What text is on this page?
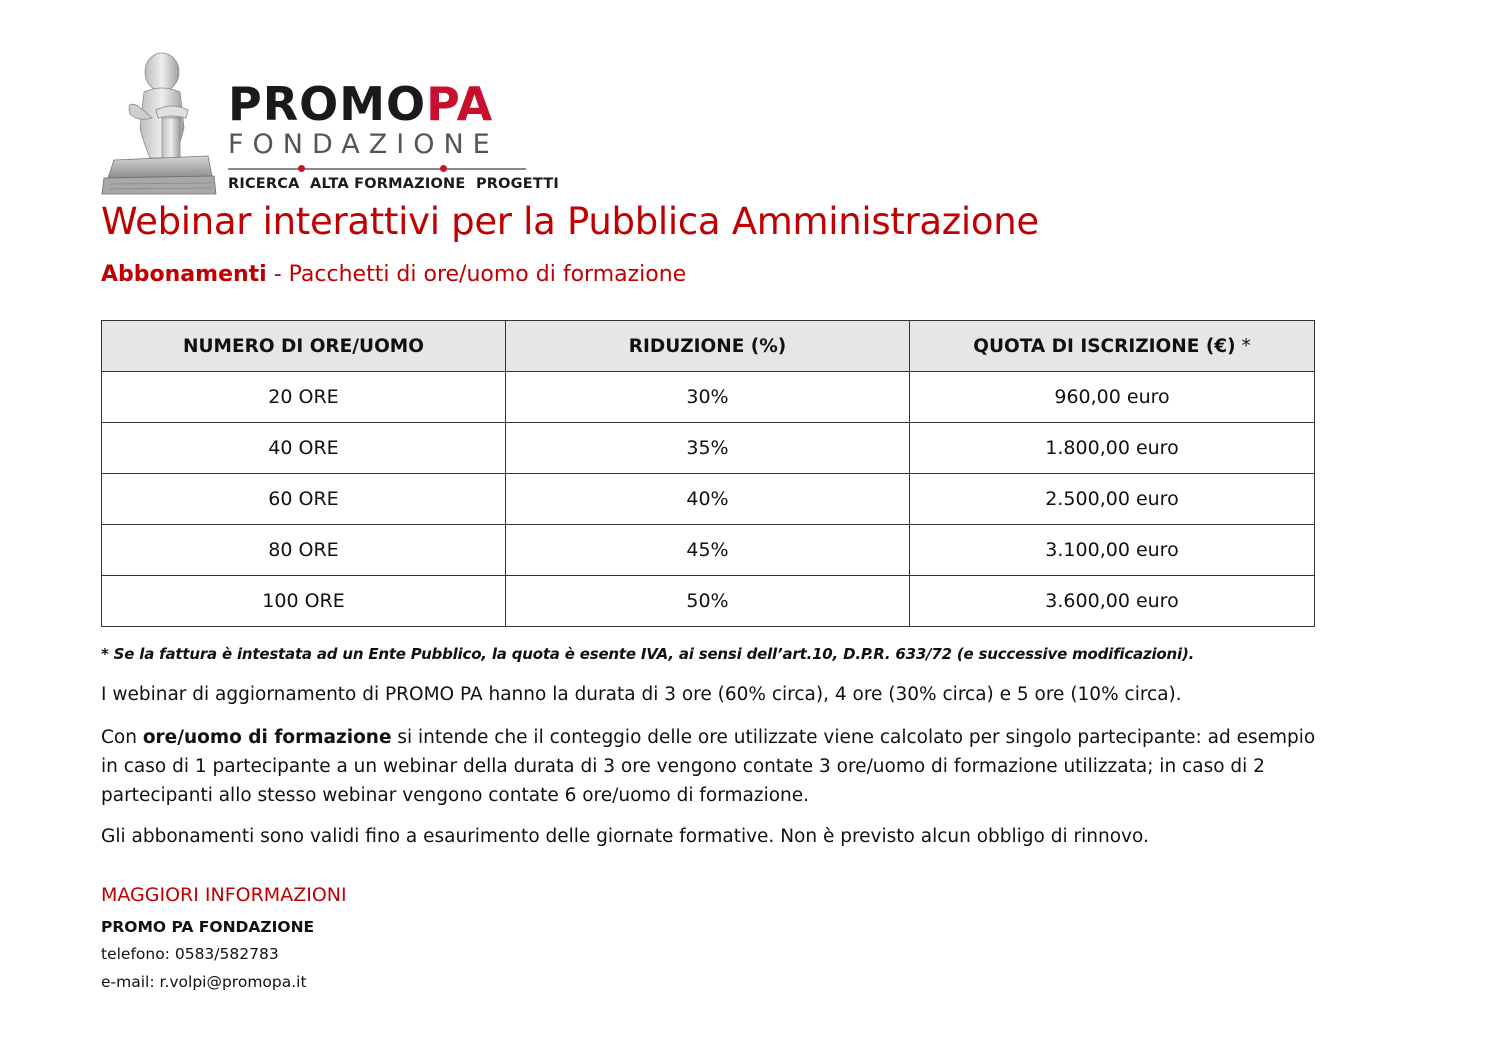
PROMOPA
FONDAZIONE
RICERCA  ALTA FORMAZIONE  PROGETTI
Webinar interattivi per la Pubblica Amministrazione
Abbonamenti - Pacchetti di ore/uomo di formazione
NUMERO DI ORE/UOMO	RIDUZIONE (%)	QUOTA DI ISCRIZIONE (€) *
20 ORE	30%	960,00 euro
40 ORE	35%	1.800,00 euro
60 ORE	40%	2.500,00 euro
80 ORE	45%	3.100,00 euro
100 ORE	50%	3.600,00 euro
* Se la fattura è intestata ad un Ente Pubblico, la quota è esente IVA, ai sensi dell’art.10, D.P.R. 633/72 (e successive modificazioni).
I webinar di aggiornamento di PROMO PA hanno la durata di 3 ore (60% circa), 4 ore (30% circa) e 5 ore (10% circa).
Con ore/uomo di formazione si intende che il conteggio delle ore utilizzate viene calcolato per singolo partecipante: ad esempio in caso di 1 partecipante a un webinar della durata di 3 ore vengono contate 3 ore/uomo di formazione utilizzata; in caso di 2 partecipanti allo stesso webinar vengono contate 6 ore/uomo di formazione.
Gli abbonamenti sono validi fino a esaurimento delle giornate formative. Non è previsto alcun obbligo di rinnovo.
MAGGIORI INFORMAZIONI
PROMO PA FONDAZIONE
telefono: 0583/582783
e-mail: r.volpi@promopa.it
